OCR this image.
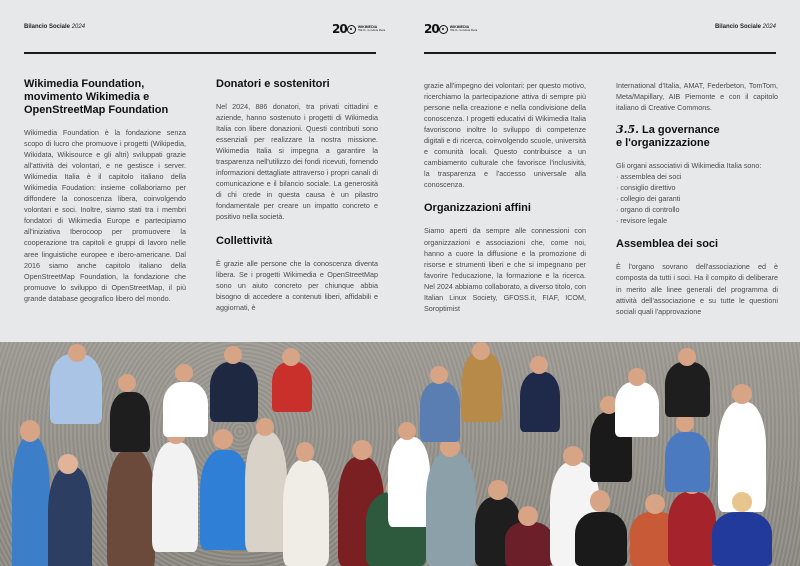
Bilancio Sociale 2024	20	WIKIMEDIA
ITALIA · la cultura libera
Wikimedia Foundation, movimento Wikimedia e OpenStreetMap Foundation

Wikimedia Foundation è la fondazione senza scopo di lucro che promuove i progetti (Wikipedia, Wikidata, Wikisource e gli altri) sviluppati grazie all'attività dei volontari, e ne gestisce i server. Wikimedia Italia è il capitolo italiano della Wikimedia Foudation: insieme collaboriamo per diffondere la conoscenza libera, coinvolgendo volontari e soci. Inoltre, siamo stati tra i membri fondatori di Wikimedia Europe e partecipiamo all'iniziativa Iberocoop per promuovere la cooperazione tra capitoli e gruppi di lavoro nelle aree linguistiche europee e ibero-americane. Dal 2016 siamo anche capitolo italiano della OpenStreetMap Foundation, la fondazione che promuove lo sviluppo di OpenStreetMap, il più grande database geografico libero del mondo.

Donatori e sostenitori

Nel 2024, 886 donatori, tra privati cittadini e aziende, hanno sostenuto i progetti di Wikimedia Italia con libere donazioni. Questi contributi sono essenziali per realizzare la nostra missione. Wikimedia Italia si impegna a garantire la trasparenza nell'utilizzo dei fondi ricevuti, fornendo informazioni dettagliate attraverso i propri canali di comunicazione e il bilancio sociale. La generosità di chi crede in questa causa è un pilastro fondamentale per creare un impatto concreto e positivo nella società.

Collettività

È grazie alle persone che la conoscenza diventa libera. Se i progetti Wikimedia e OpenStreetMap sono un aiuto concreto per chiunque abbia bisogno di accedere a contenuti liberi, affidabili e aggiornati, è

20	WIKIMEDIA
ITALIA · la cultura libera
Bilancio Sociale 2024

grazie all'impegno dei volontari: per questo motivo, ricerchiamo la partecipazione attiva di sempre più persone nella creazione e nella condivisione della conoscenza. I progetti educativi di Wikimedia Italia favoriscono inoltre lo sviluppo di competenze digitali e di ricerca, coinvolgendo scuole, università e comunità locali. Questo contribuisce a un cambiamento culturale che favorisce l'inclusività, la trasparenza e l'accesso universale alla conoscenza.

Organizzazioni affini

Siamo aperti da sempre alle connessioni con organizzazioni e associazioni che, come noi, hanno a cuore la diffusione e la promozione di risorse e strumenti liberi e che si impegnano per favorire l'educazione, la formazione e la ricerca. Nel 2024 abbiamo collaborato, a diverso titolo, con Italian Linux Society, GFOSS.it, FIAF, ICOM, Soroptimist

International d'Italia, AMAT, Federbeton, TomTom, Meta/Mapillary, AIB Piemonte e con il capitolo italiano di Creative Commons.

3.5. La governance
e l'organizzazione

Gli organi associativi di Wikimedia Italia sono:

· assemblea dei soci
· consiglio direttivo
· collegio dei garanti
· organo di controllo
· revisore legale
Assemblea dei soci

È l'organo sovrano dell'associazione ed è composta da tutti i soci. Ha il compito di deliberare in merito alle linee generali del programma di attività dell'associazione e su tutte le questioni sociali quali l'approvazione
